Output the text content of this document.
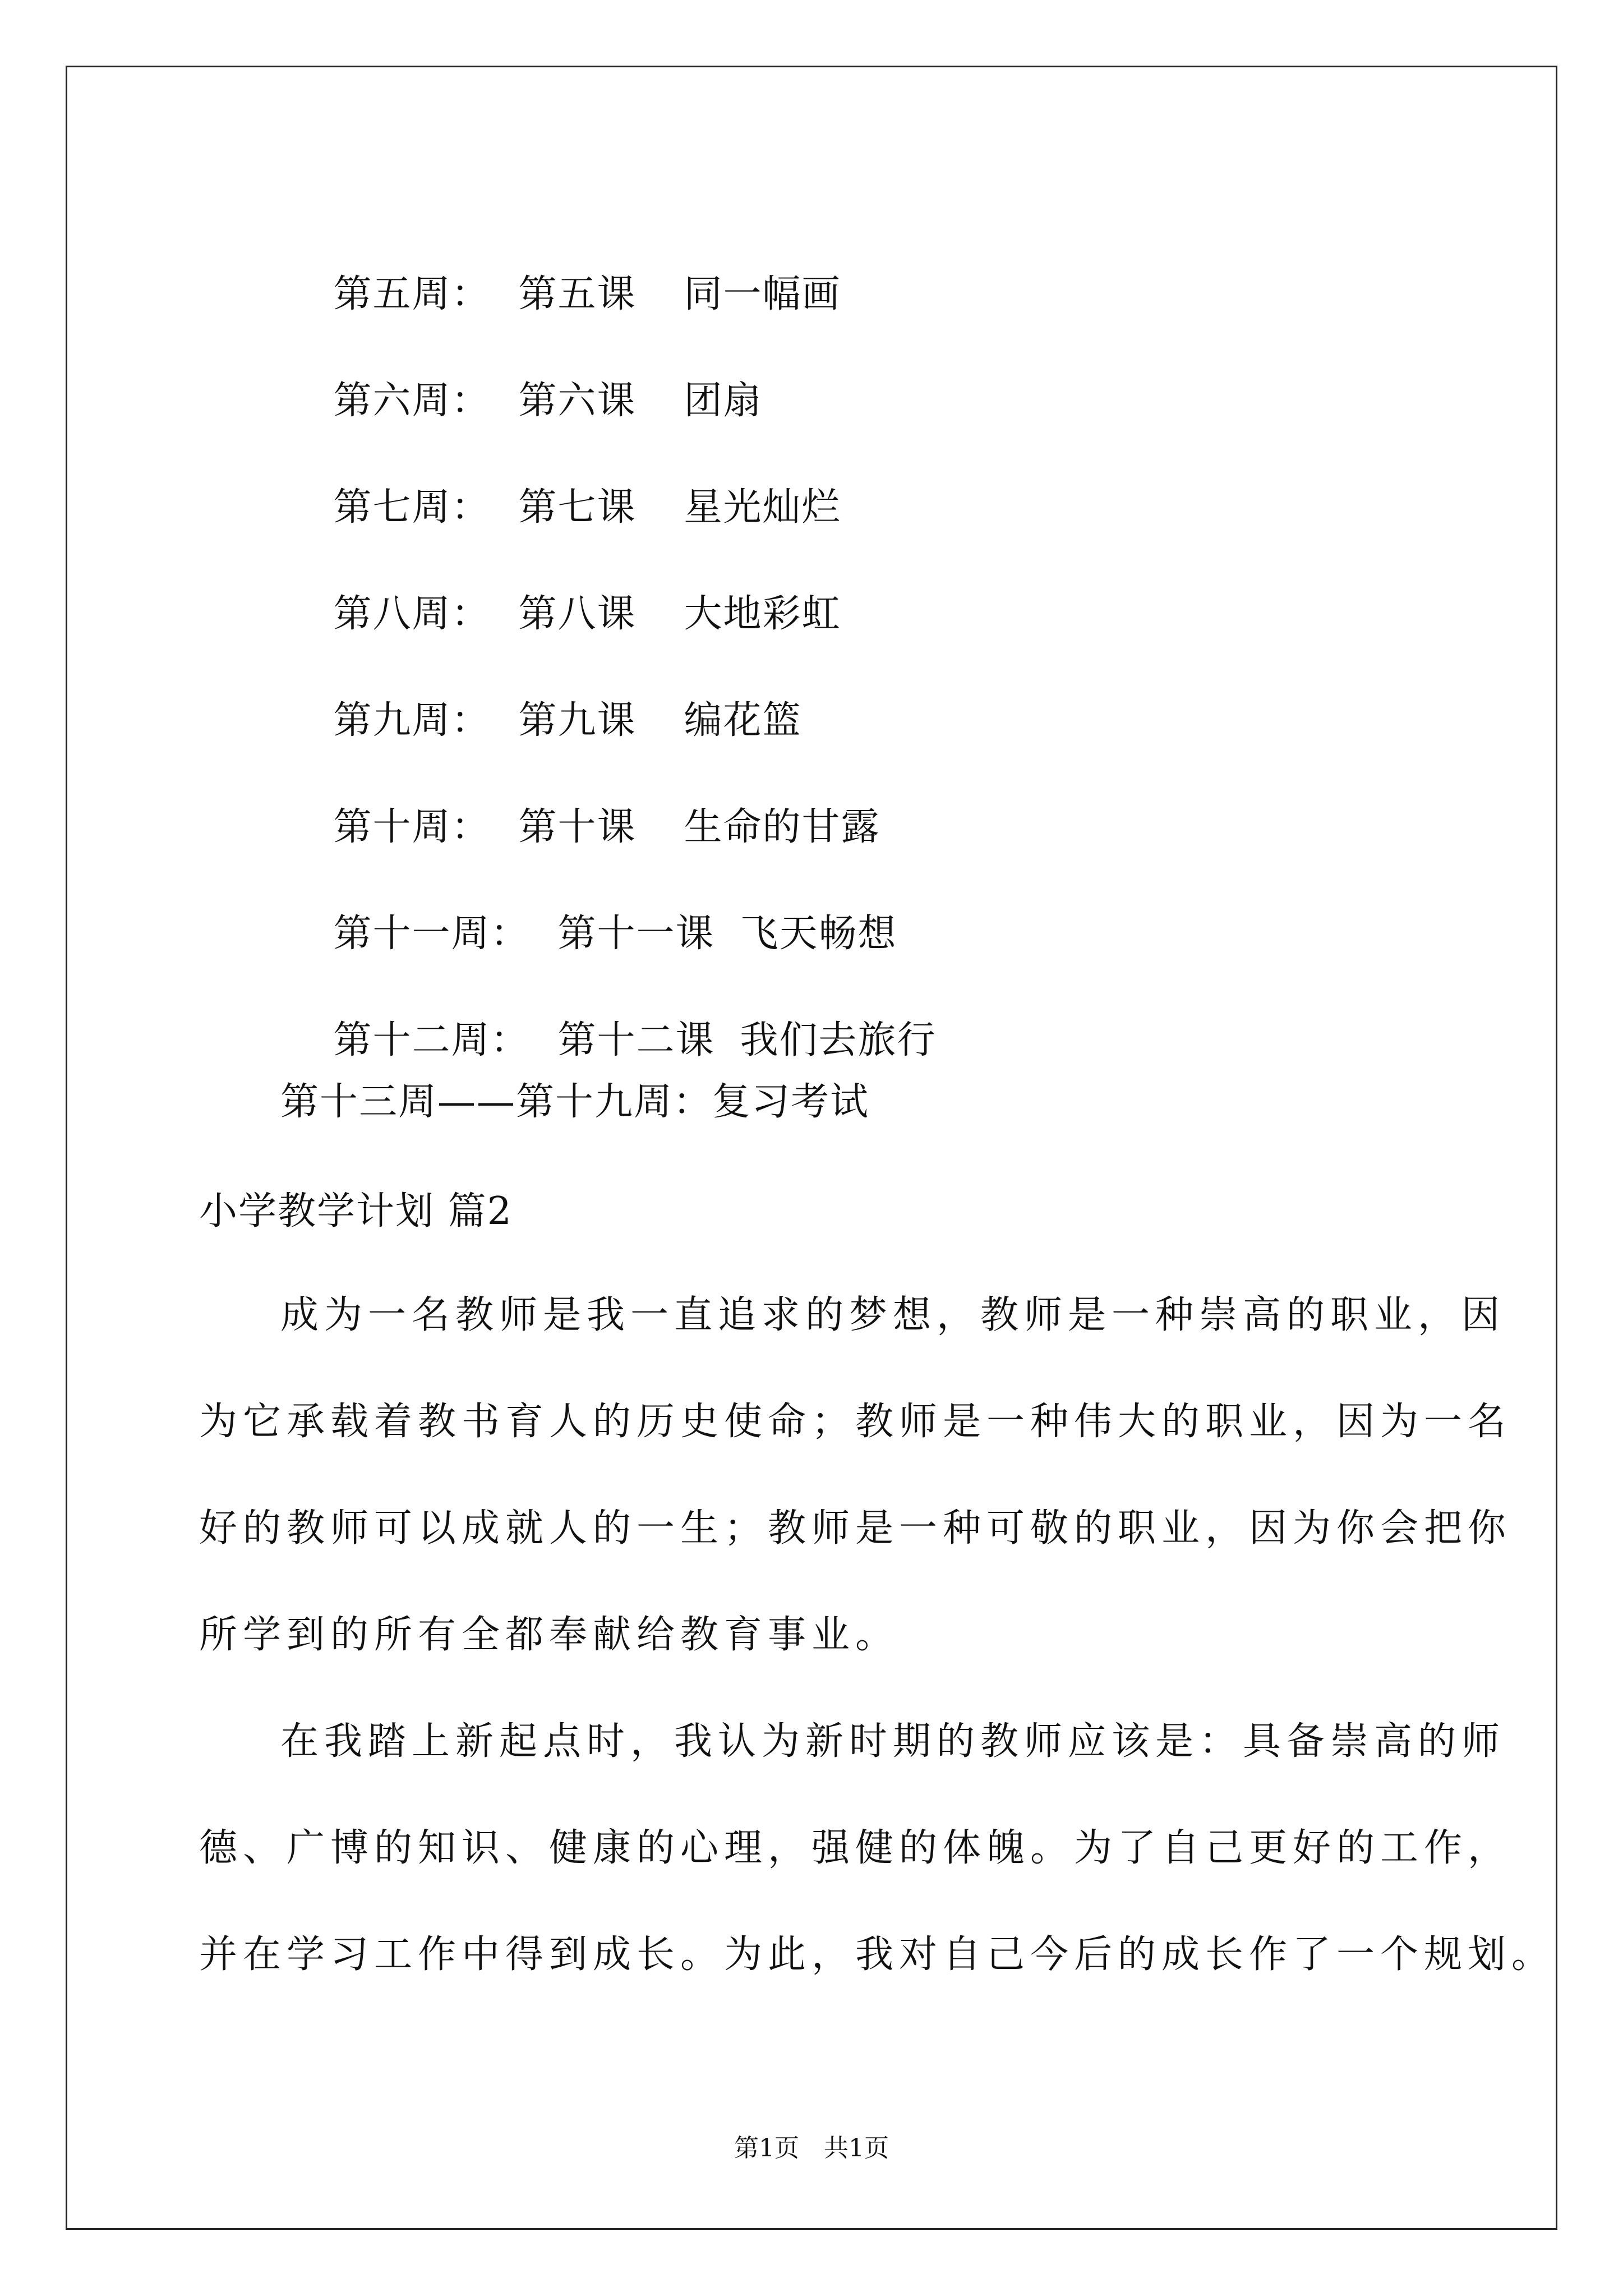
第五周： 第五课 同一幅画

第六周： 第六课 团扇

第七周： 第七课 星光灿烂

第八周： 第八课 大地彩虹

第九周： 第九课 编花篮

第十周： 第十课 生命的甘露

第十一周： 第十一课 飞天畅想

第十二周： 第十二课 我们去旅行

第十三周——第十九周：复习考试
小学教学计划 篇2
成为一名教师是我一直追求的梦想，教师是一种崇高的职业，因
为它承载着教书育人的历史使命；教师是一种伟大的职业，因为一名
好的教师可以成就人的一生；教师是一种可敬的职业，因为你会把你
所学到的所有全都奉献给教育事业。
在我踏上新起点时，我认为新时期的教师应该是：具备崇高的师
德、广博的知识、健康的心理，强健的体魄。为了自己更好的工作，
并在学习工作中得到成长。为此，我对自己今后的成长作了一个规划。
第1页　共1页
